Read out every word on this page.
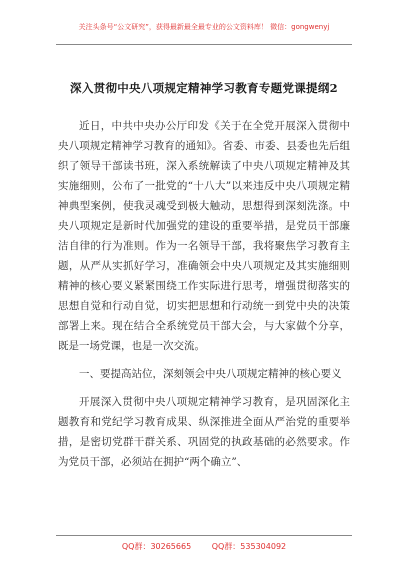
关注头条号“公文研究”，获得最新最全最专业的公文资料库！ 微信：gongwenyj
深入贯彻中央八项规定精神学习教育专题党课提纲2

近日，中共中央办公厅印发《关于在全党开展深入贯彻中央八项规定精神学习教育的通知》。省委、市委、县委也先后组织了领导干部读书班，深入系统解读了中央八项规定精神及其实施细则，公布了一批党的“十八大”以来违反中央八项规定精神典型案例，使我灵魂受到极大触动，思想得到深刻洗涤。中央八项规定是新时代加强党的建设的重要举措，是党员干部廉洁自律的行为准则。作为一名领导干部，我将聚焦学习教育主题，从严从实抓好学习，准确领会中央八项规定及其实施细则精神的核心要义紧紧围绕工作实际进行思考，增强贯彻落实的思想自觉和行动自觉，切实把思想和行动统一到党中央的决策部署上来。现在结合全系统党员干部大会，与大家做个分享，既是一场党课，也是一次交流。

一、要提高站位，深刻领会中央八项规定精神的核心要义

开展深入贯彻中央八项规定精神学习教育，是巩固深化主题教育和党纪学习教育成果、纵深推进全面从严治党的重要举措，是密切党群干群关系、巩固党的执政基础的必然要求。作为党员干部，必须站在拥护“两个确立”、

QQ群：30265665	QQ群：535304092
